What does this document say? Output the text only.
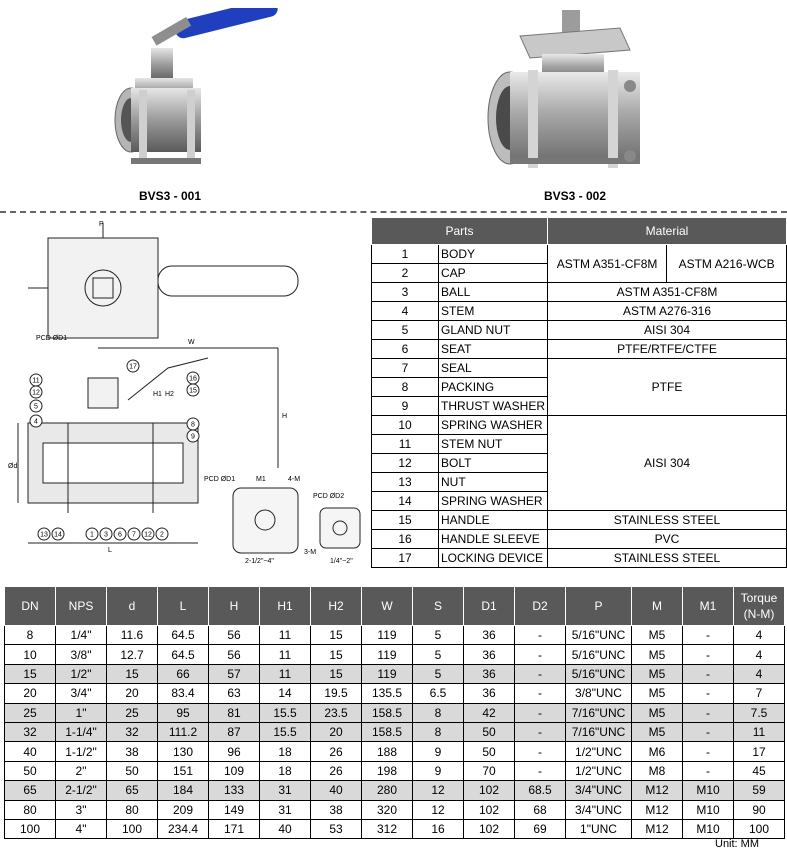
BVS3 - 001	BVS3 - 002
P
PCD ØD1
W
H
H1 H2
Ød
L
PCD ØD1	M1	4-M
PCD ØD2
2-1/2"~4"
3-M
1/4"~2"
11
12
5
4
17
16
15
8
9
13 14	1 3 6 7 12 2
Parts		Material	
1	BODY	ASTM A351-CF8M	ASTM A216-WCB
2	CAP		
3	BALL	ASTM A351-CF8M	
4	STEM	ASTM A276-316	
5	GLAND NUT	AISI 304	
6	SEAT	PTFE/RTFE/CTFE	
7	SEAL	PTFE	
8	PACKING		
9	THRUST WASHER		
10	SPRING WASHER	AISI 304	
11	STEM NUT		
12	BOLT		
13	NUT		
14	SPRING WASHER		
15	HANDLE	STAINLESS STEEL	
16	HANDLE SLEEVE	PVC	
17	LOCKING DEVICE	STAINLESS STEEL	
DN	NPS	d	L	H	H1	H2	W	S	D1	D2	P	M	M1	Torque (N-M)
8	1/4"	11.6	64.5	56	11	15	119	5	36	-	5/16"UNC	M5	-	4
10	3/8"	12.7	64.5	56	11	15	119	5	36	-	5/16"UNC	M5	-	4
15	1/2"	15	66	57	11	15	119	5	36	-	5/16"UNC	M5	-	4
20	3/4"	20	83.4	63	14	19.5	135.5	6.5	36	-	3/8"UNC	M5	-	7
25	1"	25	95	81	15.5	23.5	158.5	8	42	-	7/16"UNC	M5	-	7.5
32	1-1/4"	32	111.2	87	15.5	20	158.5	8	50	-	7/16"UNC	M5	-	11
40	1-1/2"	38	130	96	18	26	188	9	50	-	1/2"UNC	M6	-	17
50	2"	50	151	109	18	26	198	9	70	-	1/2"UNC	M8	-	45
65	2-1/2"	65	184	133	31	40	280	12	102	68.5	3/4"UNC	M12	M10	59
80	3"	80	209	149	31	38	320	12	102	68	3/4"UNC	M12	M10	90
100	4"	100	234.4	171	40	53	312	16	102	69	1"UNC	M12	M10	100
Unit: MM
